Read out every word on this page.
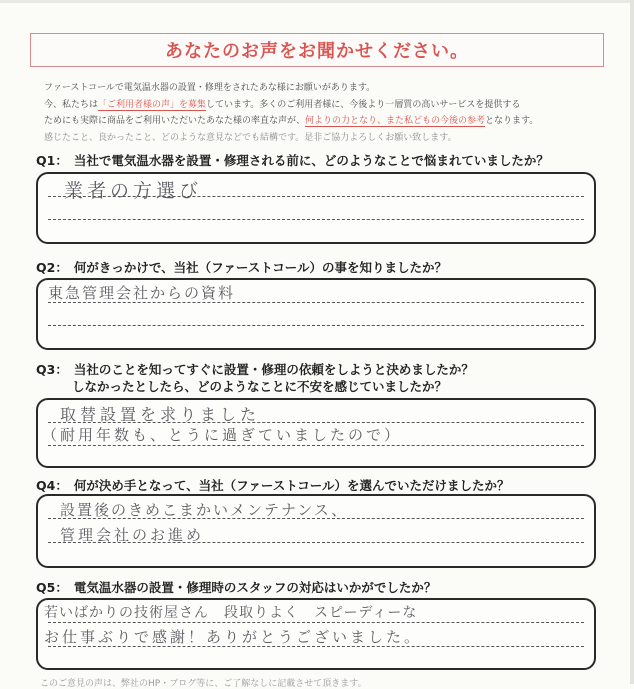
あなたのお声をお聞かせください。
ファーストコールで電気温水器の設置・修理をされたあな様にお願いがあります。
今、私たちは「ご利用者様の声」を募集しています。多くのご利用者様に、今後より一層質の高いサービスを提供する
ためにも実際に商品をご利用いただいたあなた様の率直な声が、何よりの力となり、また私どもの今後の参考となります。
感じたこと、良かったこと、どのような意見などでも結構です。是非ご協力よろしくお願い致します。
Q1： 当社で電気温水器を設置・修理される前に、どのようなことで悩まれていましたか？
業者の方選び
Q2： 何がきっかけで、当社（ファーストコール）の事を知りましたか？
東急管理会社からの資料
Q3： 当社のことを知ってすぐに設置・修理の依頼をしようと決めましたか？
しなかったとしたら、どのようなことに不安を感じていましたか？
取替設置を求りました
（耐用年数も、とうに過ぎていましたので）
Q4： 何が決め手となって、当社（ファーストコール）を選んでいただけましたか？
設置後のきめこまかいメンテナンス、
管理会社のお進め
Q5： 電気温水器の設置・修理時のスタッフの対応はいかがでしたか？
若いばかりの技術屋さん　段取りよく　スピーディーな
お仕事ぶりで感謝！ありがとうございました。
このご意見の声は、弊社のHP・ブログ等に、ご了解なしに記載させて頂きます。
